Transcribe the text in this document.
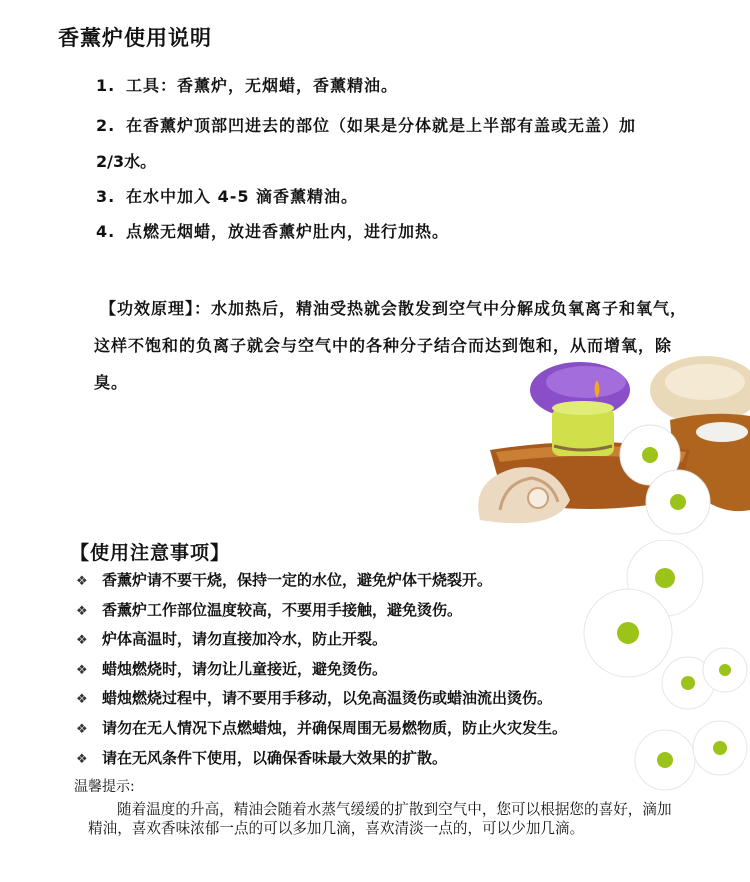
香薰炉使用说明
1. 工具：香薰炉，无烟蜡，香薰精油。
2. 在香薰炉顶部凹进去的部位（如果是分体就是上半部有盖或无盖）加
2/3水。
3. 在水中加入 4-5 滴香薰精油。
4. 点燃无烟蜡，放进香薰炉肚内，进行加热。
【功效原理】：水加热后，精油受热就会散发到空气中分解成负氧离子和氧气，这样不饱和的负离子就会与空气中的各种分子结合而达到饱和，从而增氧，除臭。
【使用注意事项】
❖ 香薰炉请不要干烧，保持一定的水位，避免炉体干烧裂开。
❖ 香薰炉工作部位温度较高，不要用手接触，避免烫伤。
❖ 炉体高温时，请勿直接加冷水，防止开裂。
❖ 蜡烛燃烧时，请勿让儿童接近，避免烫伤。
❖ 蜡烛燃烧过程中，请不要用手移动，以免高温烫伤或蜡油流出烫伤。
❖ 请勿在无人情况下点燃蜡烛，并确保周围无易燃物质，防止火灾发生。
❖ 请在无风条件下使用，以确保香味最大效果的扩散。
温馨提示:
随着温度的升高，精油会随着水蒸气缓缓的扩散到空气中，您可以根据您的喜好，滴加精油，喜欢香味浓郁一点的可以多加几滴，喜欢清淡一点的，可以少加几滴。
